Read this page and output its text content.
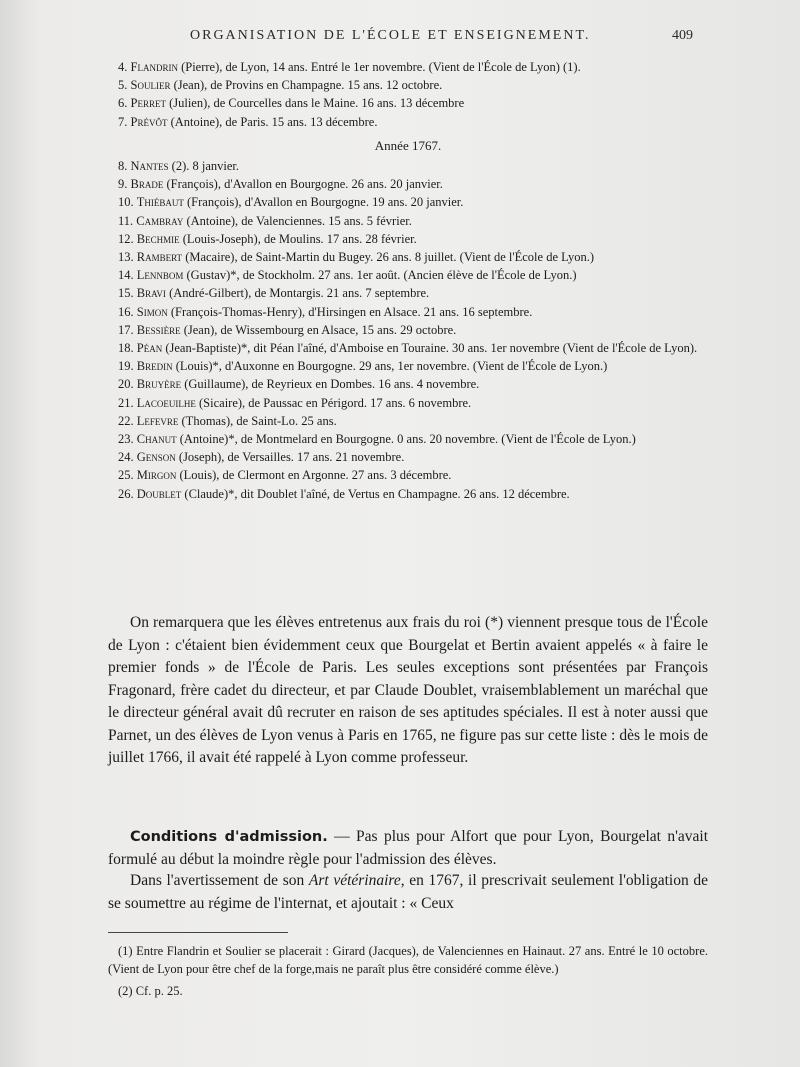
ORGANISATION DE L'ÉCOLE ET ENSEIGNEMENT.	409

4. Flandrin (Pierre), de Lyon, 14 ans. Entré le 1er novembre. (Vient de l'École de Lyon) (1).

5. Soulier (Jean), de Provins en Champagne. 15 ans. 12 octobre.

6. Perret (Julien), de Courcelles dans le Maine. 16 ans. 13 décembre

7. Prévôt (Antoine), de Paris. 15 ans. 13 décembre.

Année 1767.

8. Nantes (2). 8 janvier.

9. Brade (François), d'Avallon en Bourgogne. 26 ans. 20 janvier.

10. Thiébaut (François), d'Avallon en Bourgogne. 19 ans. 20 janvier.

11. Cambray (Antoine), de Valenciennes. 15 ans. 5 février.

12. Bechmie (Louis-Joseph), de Moulins. 17 ans. 28 février.

13. Rambert (Macaire), de Saint-Martin du Bugey. 26 ans. 8 juillet. (Vient de l'École de Lyon.)

14. Lennbom (Gustav)*, de Stockholm. 27 ans. 1er août. (Ancien élève de l'École de Lyon.)

15. Bravi (André-Gilbert), de Montargis. 21 ans. 7 septembre.

16. Simon (François-Thomas-Henry), d'Hirsingen en Alsace. 21 ans. 16 septembre.

17. Bessière (Jean), de Wissembourg en Alsace, 15 ans. 29 octobre.

18. Péan (Jean-Baptiste)*, dit Péan l'aîné, d'Amboise en Touraine. 30 ans. 1er novembre (Vient de l'École de Lyon).

19. Bredin (Louis)*, d'Auxonne en Bourgogne. 29 ans, 1er novembre. (Vient de l'École de Lyon.)

20. Bruyère (Guillaume), de Reyrieux en Dombes. 16 ans. 4 novembre.

21. Lacoeuilhe (Sicaire), de Paussac en Périgord. 17 ans. 6 novembre.

22. Lefevre (Thomas), de Saint-Lo. 25 ans.

23. Chanut (Antoine)*, de Montmelard en Bourgogne. 0 ans. 20 novembre. (Vient de l'École de Lyon.)

24. Genson (Joseph), de Versailles. 17 ans. 21 novembre.

25. Mirgon (Louis), de Clermont en Argonne. 27 ans. 3 décembre.

26. Doublet (Claude)*, dit Doublet l'aîné, de Vertus en Champagne. 26 ans. 12 décembre.

On remarquera que les élèves entretenus aux frais du roi (*) viennent presque tous de l'École de Lyon : c'étaient bien évidemment ceux que Bourgelat et Bertin avaient appelés « à faire le premier fonds » de l'École de Paris. Les seules exceptions sont présentées par François Fragonard, frère cadet du directeur, et par Claude Doublet, vraisemblablement un maréchal que le directeur général avait dû recruter en raison de ses aptitudes spéciales. Il est à noter aussi que Parnet, un des élèves de Lyon venus à Paris en 1765, ne figure pas sur cette liste : dès le mois de juillet 1766, il avait été rappelé à Lyon comme professeur.

Conditions d'admission. — Pas plus pour Alfort que pour Lyon, Bourgelat n'avait formulé au début la moindre règle pour l'admission des élèves.

Dans l'avertissement de son Art vétérinaire, en 1767, il prescrivait seulement l'obligation de se soumettre au régime de l'internat, et ajoutait : « Ceux

(1) Entre Flandrin et Soulier se placerait : Girard (Jacques), de Valenciennes en Hainaut. 27 ans. Entré le 10 octobre. (Vient de Lyon pour être chef de la forge,mais ne paraît plus être considéré comme élève.)

(2) Cf. p. 25.
